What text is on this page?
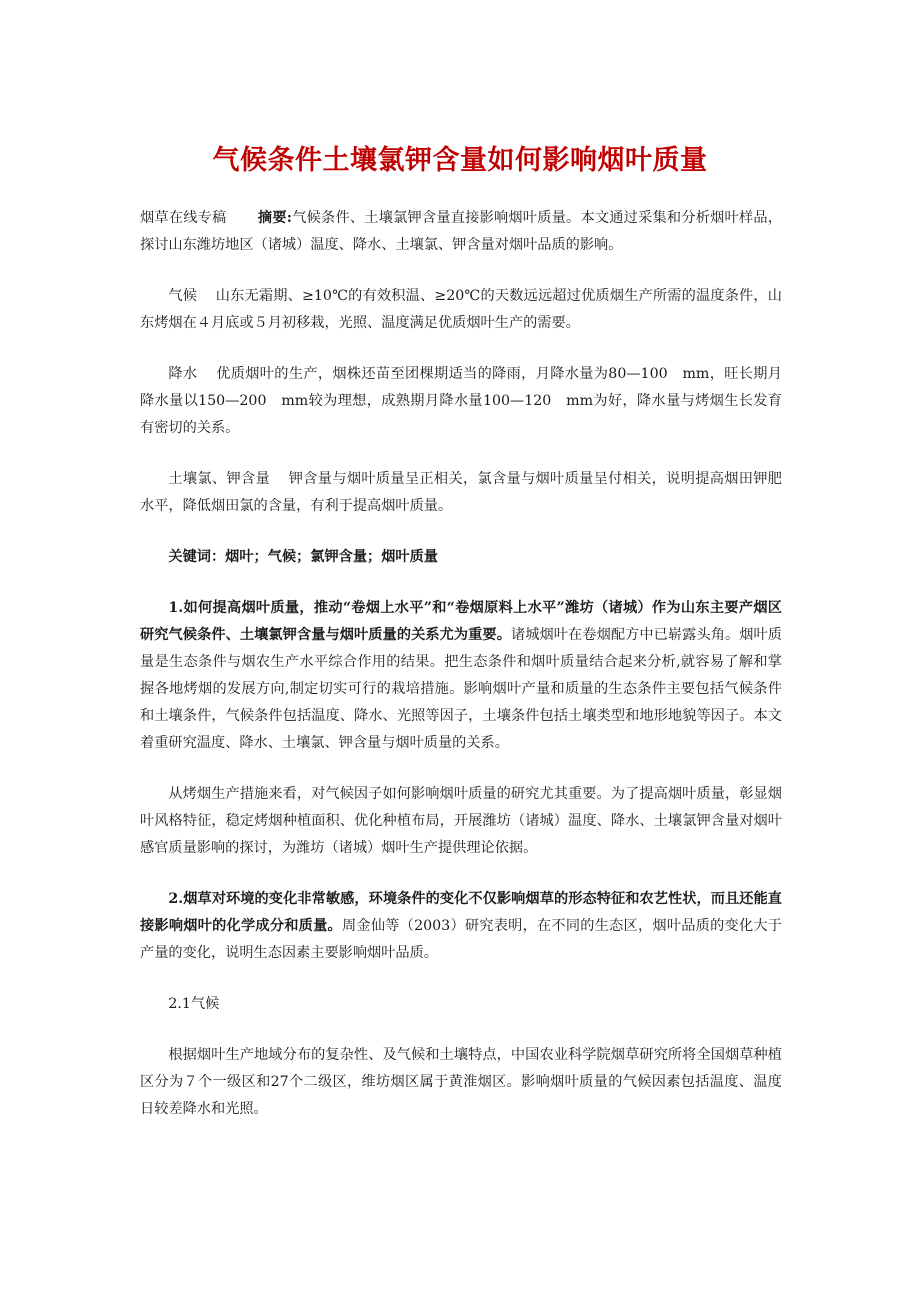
气候条件土壤氯钾含量如何影响烟叶质量

烟草在线专稿 摘要:气候条件、土壤氯钾含量直接影响烟叶质量。本文通过采集和分析烟叶样品，探讨山东潍坊地区（诸城）温度、降水、土壤氯、钾含量对烟叶品质的影响。

气候 山东无霜期、≥10℃的有效积温、≥20℃的天数远远超过优质烟生产所需的温度条件，山东烤烟在４月底或５月初移栽，光照、温度满足优质烟叶生产的需要。

降水 优质烟叶的生产，烟株还苗至团棵期适当的降雨，月降水量为80—100　mm，旺长期月降水量以150—200　mm较为理想，成熟期月降水量100—120　mm为好，降水量与烤烟生长发育有密切的关系。

土壤氯、钾含量 钾含量与烟叶质量呈正相关，氯含量与烟叶质量呈付相关，说明提高烟田钾肥水平，降低烟田氯的含量，有利于提高烟叶质量。

关键词：烟叶；气候；氯钾含量；烟叶质量

1.如何提高烟叶质量，推动“卷烟上水平”和“卷烟原料上水平”潍坊（诸城）作为山东主要产烟区研究气候条件、土壤氯钾含量与烟叶质量的关系尤为重要。诸城烟叶在卷烟配方中已崭露头角。烟叶质量是生态条件与烟农生产水平综合作用的结果。把生态条件和烟叶质量结合起来分析,就容易了解和掌握各地烤烟的发展方向,制定切实可行的栽培措施。影响烟叶产量和质量的生态条件主要包括气候条件和土壤条件，气候条件包括温度、降水、光照等因子，土壤条件包括土壤类型和地形地貌等因子。本文着重研究温度、降水、土壤氯、钾含量与烟叶质量的关系。

从烤烟生产措施来看，对气候因子如何影响烟叶质量的研究尤其重要。为了提高烟叶质量，彰显烟叶风格特征，稳定烤烟种植面积、优化种植布局，开展潍坊（诸城）温度、降水、土壤氯钾含量对烟叶感官质量影响的探讨，为潍坊（诸城）烟叶生产提供理论依据。

2.烟草对环境的变化非常敏感，环境条件的变化不仅影响烟草的形态特征和农艺性状，而且还能直接影响烟叶的化学成分和质量。周金仙等（2003）研究表明，在不同的生态区，烟叶品质的变化大于产量的变化，说明生态因素主要影响烟叶品质。

2.1气候

根据烟叶生产地域分布的复杂性、及气候和土壤特点，中国农业科学院烟草研究所将全国烟草种植区分为７个一级区和27个二级区，维坊烟区属于黄淮烟区。影响烟叶质量的气候因素包括温度、温度日较差降水和光照。
